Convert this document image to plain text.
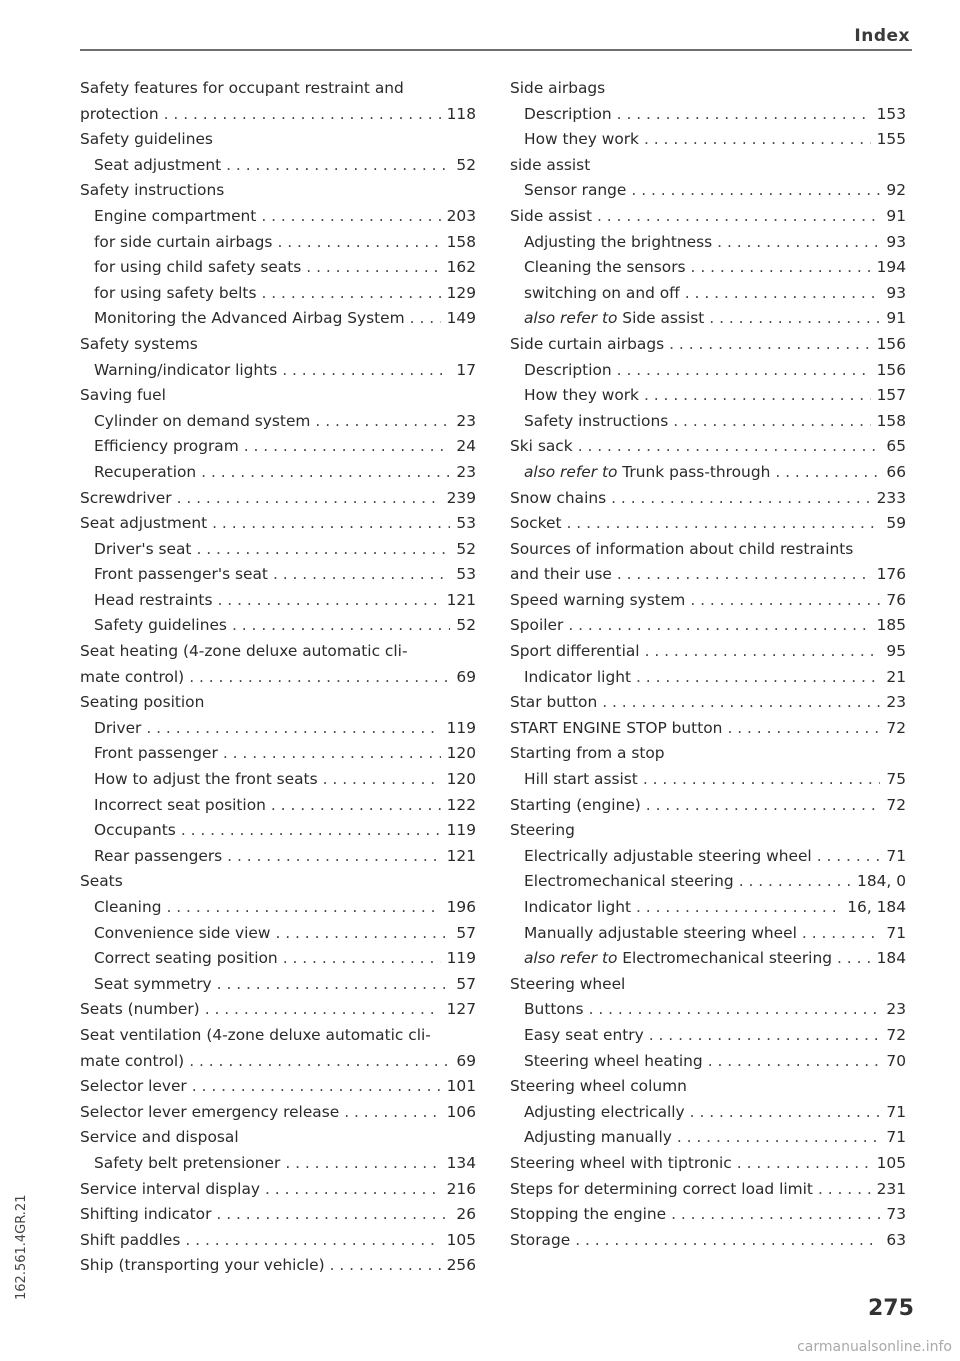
Index
Safety features for occupant restraint and
protection . . .	118
Safety guidelines
Seat adjustment . . .	52
Safety instructions
Engine compartment . . .	203
for side curtain airbags . . .	158
for using child safety seats . . .	162
for using safety belts . . .	129
Monitoring the Advanced Airbag System . . .	149
Safety systems
Warning/indicator lights . . .	17
Saving fuel
Cylinder on demand system . . .	23
Efficiency program . . .	24
Recuperation . . .	23
Screwdriver . . .	239
Seat adjustment . . .	53
Driver's seat . . .	52
Front passenger's seat . . .	53
Head restraints . . .	121
Safety guidelines . . .	52
Seat heating (4-zone deluxe automatic cli-
mate control) . . .	69
Seating position
Driver . . .	119
Front passenger . . .	120
How to adjust the front seats . . .	120
Incorrect seat position . . .	122
Occupants . . .	119
Rear passengers . . .	121
Seats
Cleaning . . .	196
Convenience side view . . .	57
Correct seating position . . .	119
Seat symmetry . . .	57
Seats (number) . . .	127
Seat ventilation (4-zone deluxe automatic cli-
mate control) . . .	69
Selector lever . . .	101
Selector lever emergency release . . .	106
Service and disposal
Safety belt pretensioner . . .	134
Service interval display . . .	216
Shifting indicator . . .	26
Shift paddles . . .	105
Ship (transporting your vehicle) . . .	256
Side airbags
Description . . .	153
How they work . . .	155
side assist
Sensor range . . .	92
Side assist . . .	91
Adjusting the brightness . . .	93
Cleaning the sensors . . .	194
switching on and off . . .	93
also refer to Side assist . . .	91
Side curtain airbags . . .	156
Description . . .	156
How they work . . .	157
Safety instructions . . .	158
Ski sack . . .	65
also refer to Trunk pass-through . . .	66
Snow chains . . .	233
Socket . . .	59
Sources of information about child restraints
and their use . . .	176
Speed warning system . . .	76
Spoiler . . .	185
Sport differential . . .	95
Indicator light . . .	21
Star button . . .	23
START ENGINE STOP button . . .	72
Starting from a stop
Hill start assist . . .	75
Starting (engine) . . .	72
Steering
Electrically adjustable steering wheel . . .	71
Electromechanical steering . . .	184, 0
Indicator light . . .	16, 184
Manually adjustable steering wheel . . .	71
also refer to Electromechanical steering . . .	184
Steering wheel
Buttons . . .	23
Easy seat entry . . .	72
Steering wheel heating . . .	70
Steering wheel column
Adjusting electrically . . .	71
Adjusting manually . . .	71
Steering wheel with tiptronic . . .	105
Steps for determining correct load limit . . .	231
Stopping the engine . . .	73
Storage . . .	63
275
162.561.4GR.21
carmanualsonline.info
